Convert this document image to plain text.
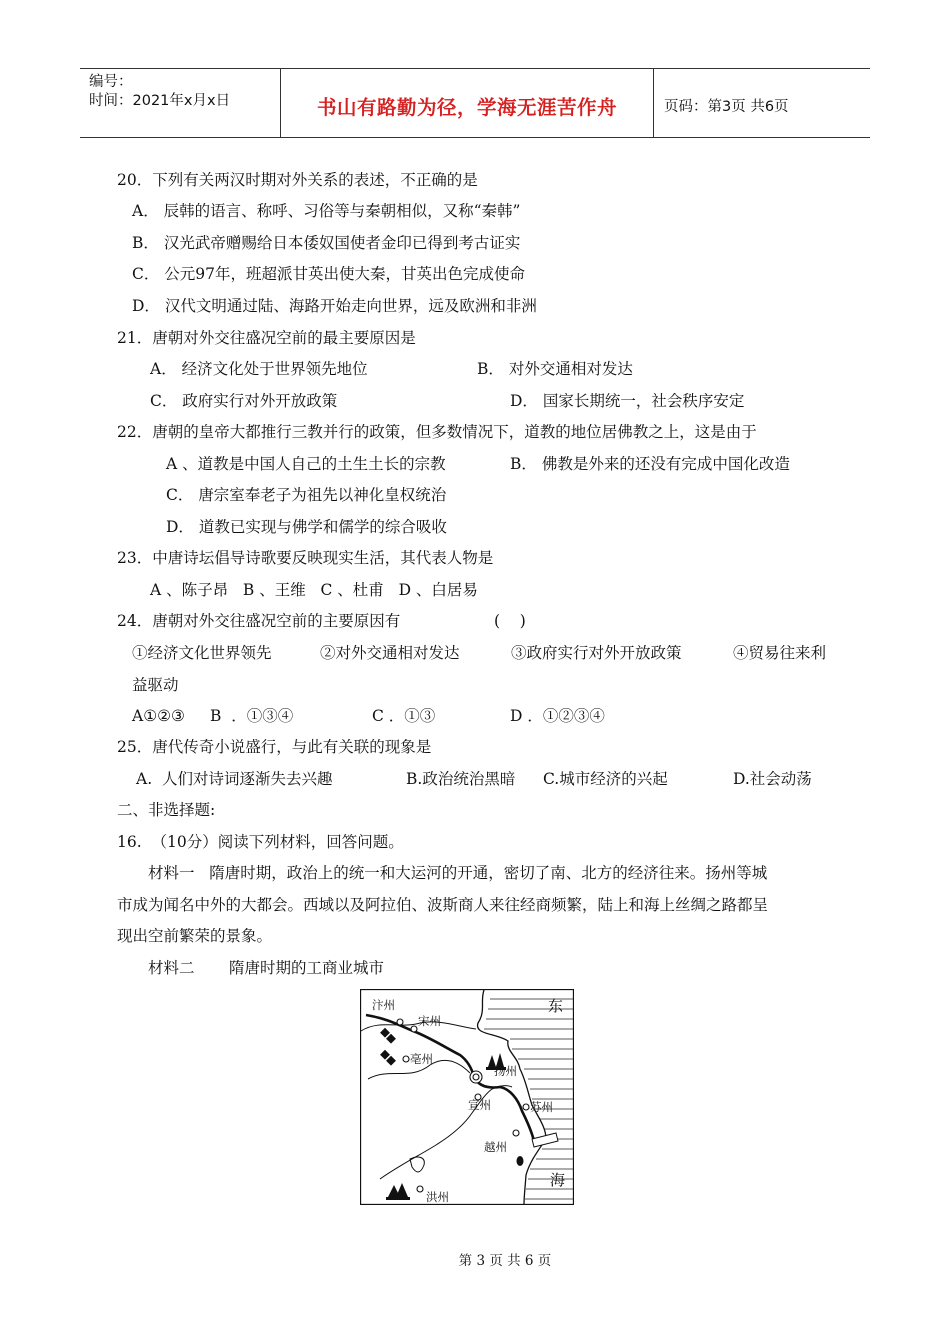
编号：
时间：2021年x月x日	书山有路勤为径，学海无涯苦作舟	页码：第3页 共6页
20．下列有关两汉时期对外关系的表述，不正确的是
A． 辰韩的语言、称呼、习俗等与秦朝相似，又称“秦韩”
B． 汉光武帝赠赐给日本倭奴国使者金印已得到考古证实
C． 公元97年，班超派甘英出使大秦，甘英出色完成使命
D． 汉代文明通过陆、海路开始走向世界，远及欧洲和非洲
21．唐朝对外交往盛况空前的最主要原因是
A． 经济文化处于世界领先地位	B． 对外交通相对发达
C． 政府实行对外开放政策	D． 国家长期统一，社会秩序安定
22．唐朝的皇帝大都推行三教并行的政策，但多数情况下，道教的地位居佛教之上，这是由于
A 、道教是中国人自己的土生土长的宗教	B． 佛教是外来的还没有完成中国化改造
C． 唐宗室奉老子为祖先以神化皇权统治
D． 道教已实现与佛学和儒学的综合吸收
23．中唐诗坛倡导诗歌要反映现实生活，其代表人物是
A 、陈子昂   B 、王维   C 、杜甫   D 、白居易
24．唐朝对外交往盛况空前的主要原因有	(    )
①经济文化世界领先	②对外交通相对发达	③政府实行对外开放政策	④贸易往来利
益驱动
A①②③ B  ．①③④	C ．①③	D ．①②③④
25．唐代传奇小说盛行，与此有关联的现象是
A.  人们对诗词逐渐失去兴趣	B.政治统治黑暗 C.城市经济的兴起	D.社会动荡
二、非选择题:
16.  （10分）阅读下列材料，回答问题。
材料一   隋唐时期，政治上的统一和大运河的开通，密切了南、北方的经济往来。扬州等城
市成为闻名中外的大都会。西域以及阿拉伯、波斯商人来往经商频繁，陆上和海上丝绸之路都呈
现出空前繁荣的景象。
材料二       隋唐时期的工商业城市
汴州
宋州
亳州
扬州
宣州	苏州
越州
洪州
东
海
第 3 页 共 6 页
